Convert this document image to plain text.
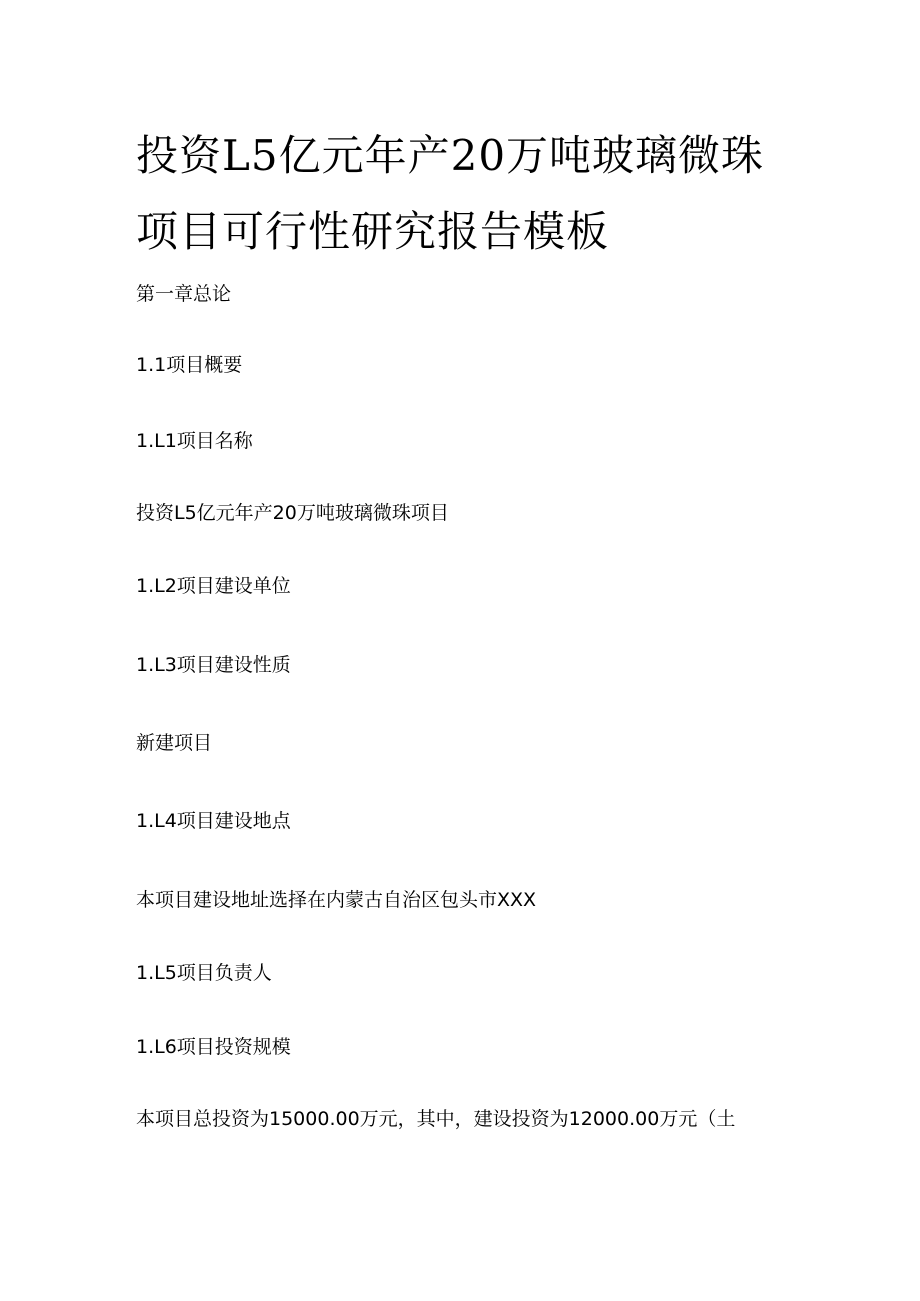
投资L5亿元年产20万吨玻璃微珠项目可行性研究报告模板

第一章总论

1.1项目概要

1.L1项目名称

投资L5亿元年产20万吨玻璃微珠项目

1.L2项目建设单位

1.L3项目建设性质

新建项目

1.L4项目建设地点

本项目建设地址选择在内蒙古自治区包头市XXX

1.L5项目负责人

1.L6项目投资规模

本项目总投资为15000.00万元，其中，建设投资为12000.00万元（土
